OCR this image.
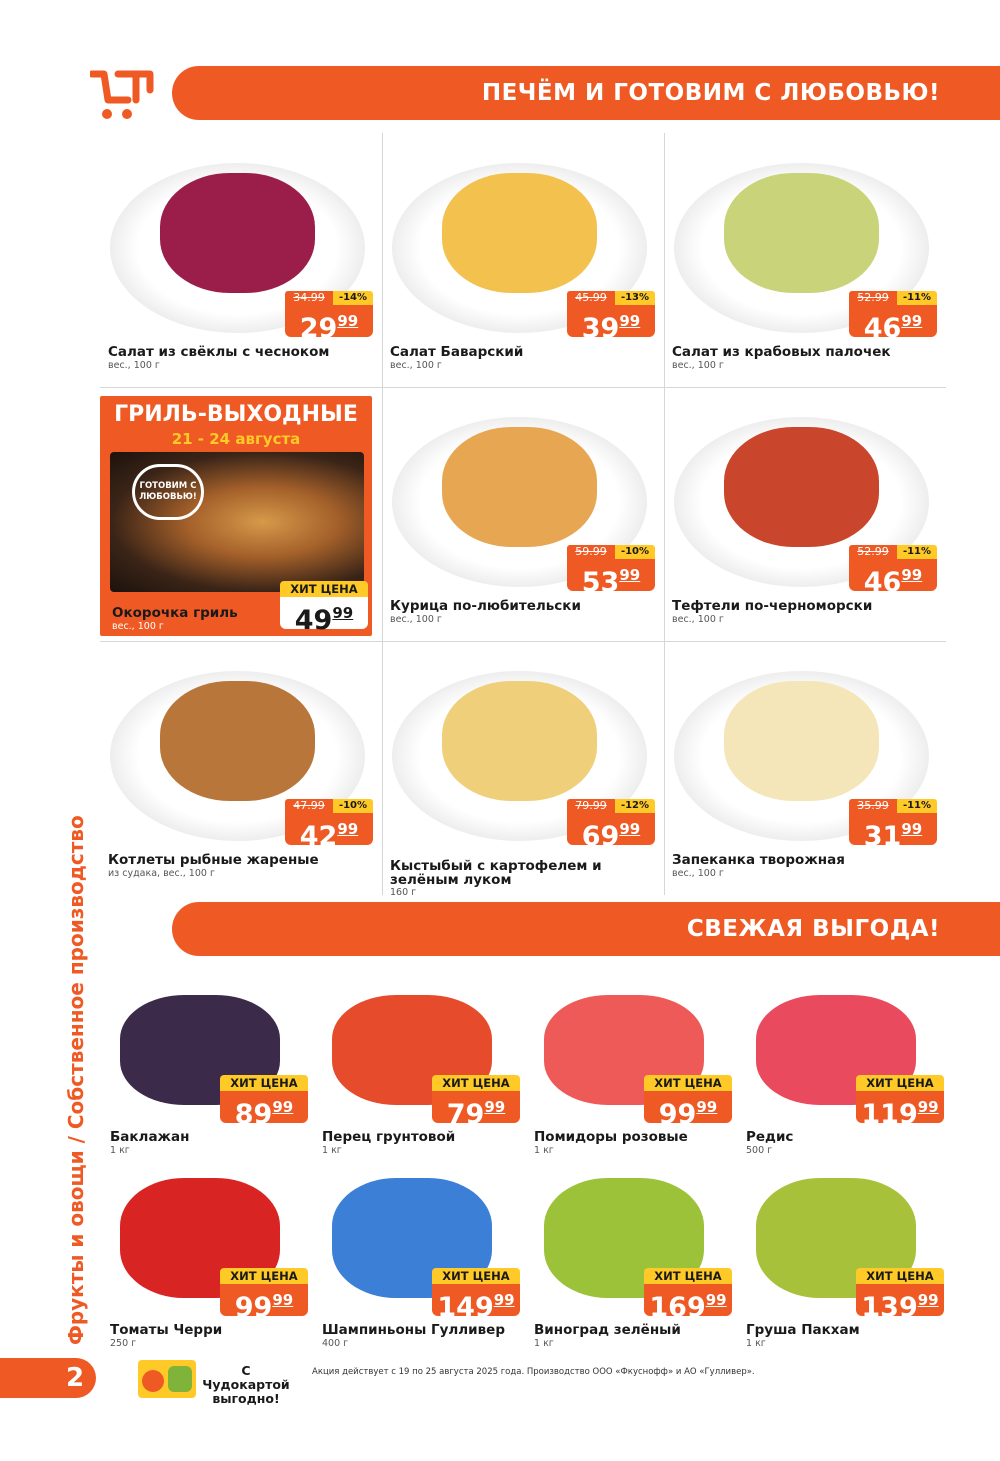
ПЕЧЁМ И ГОТОВИМ С ЛЮБОВЬЮ!
ГРИЛЬ-ВЫХОДНЫЕ
21 - 24 августа
ГОТОВИМ С ЛЮБОВЬЮ!
Окорочка гриль
вес., 100 г
ХИТ ЦЕНА
4999
Салат из свёклы с чесноком
вес., 100 г
34.99	-14%
2999
Салат Баварский
вес., 100 г
45.99	-13%
3999
Салат из крабовых палочек
вес., 100 г
52.99	-11%
4699
Курица по-любительски
вес., 100 г
59.99	-10%
5399
Тефтели по-черноморски
вес., 100 г
52.99	-11%
4699
Котлеты рыбные жареные
из судака, вес., 100 г
47.99	-10%
4299
Кыстыбый с картофелем и зелёным луком
160 г
79.99	-12%
6999
Запеканка творожная
вес., 100 г
35.99	-11%
3199
СВЕЖАЯ ВЫГОДА!
Фрукты и овощи / Собственное производство
2	С Чудокартой выгодно!
Акция действует с 19 по 25 августа 2025 года. Производство ООО «Фкуснофф» и АО «Гулливер».
ХИТ ЦЕНА
8999
Баклажан
1 кг
ХИТ ЦЕНА
7999
Перец грунтовой
1 кг
ХИТ ЦЕНА
9999
Помидоры розовые
1 кг
ХИТ ЦЕНА
11999
Редис
500 г
ХИТ ЦЕНА
9999
Томаты Черри
250 г
ХИТ ЦЕНА
14999
Шампиньоны Гулливер
400 г
ХИТ ЦЕНА
16999
Виноград зелёный
1 кг
ХИТ ЦЕНА
13999
Груша Пакхам
1 кг
